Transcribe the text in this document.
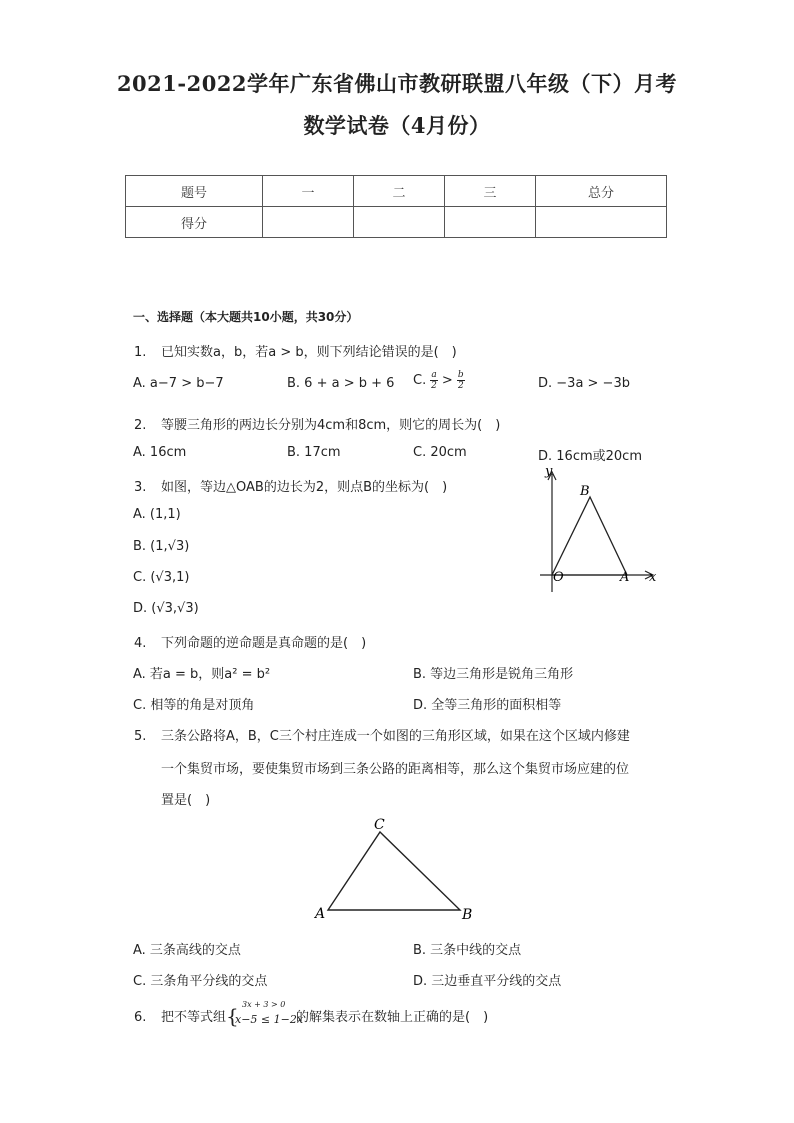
2021-2022学年广东省佛山市教研联盟八年级（下）月考
数学试卷（4月份）
题号	一	二	三	总分
得分				
一、选择题（本大题共10小题，共30分）
1. 已知实数a，b，若a > b，则下列结论错误的是(　)
A. a−7 > b−7	B. 6 + a > b + 6 C. $\frac{a}{2} > \frac{b}{2}$	D. −3a > −3b
2. 等腰三角形的两边长分别为4cm和8cm，则它的周长为(　)
A. 16cm	B. 17cm	C. 20cm	D. 16cm或20cm
3. 如图，等边△OAB的边长为2，则点B的坐标为(　)
A. (1,1)
B. (1,√3)
C. (√3,1)
D. (√3,√3)
y
x
O	A
B
4. 下列命题的逆命题是真命题的是(　)
A. 若a = b，则a² = b²	B. 等边三角形是锐角三角形
C. 相等的角是对顶角	D. 全等三角形的面积相等
5. 三条公路将A，B，C三个村庄连成一个如图的三角形区域，如果在这个区域内修建
一个集贸市场，要使集贸市场到三条公路的距离相等，那么这个集贸市场应建的位
置是(　)
A	B
C
A. 三条高线的交点	B. 三条中线的交点
C. 三条角平分线的交点	D. 三边垂直平分线的交点
6. 把不等式组 { 3x + 3 > 0
x−5 ≤ 1−2x
的解集表示在数轴上正确的是(　)
